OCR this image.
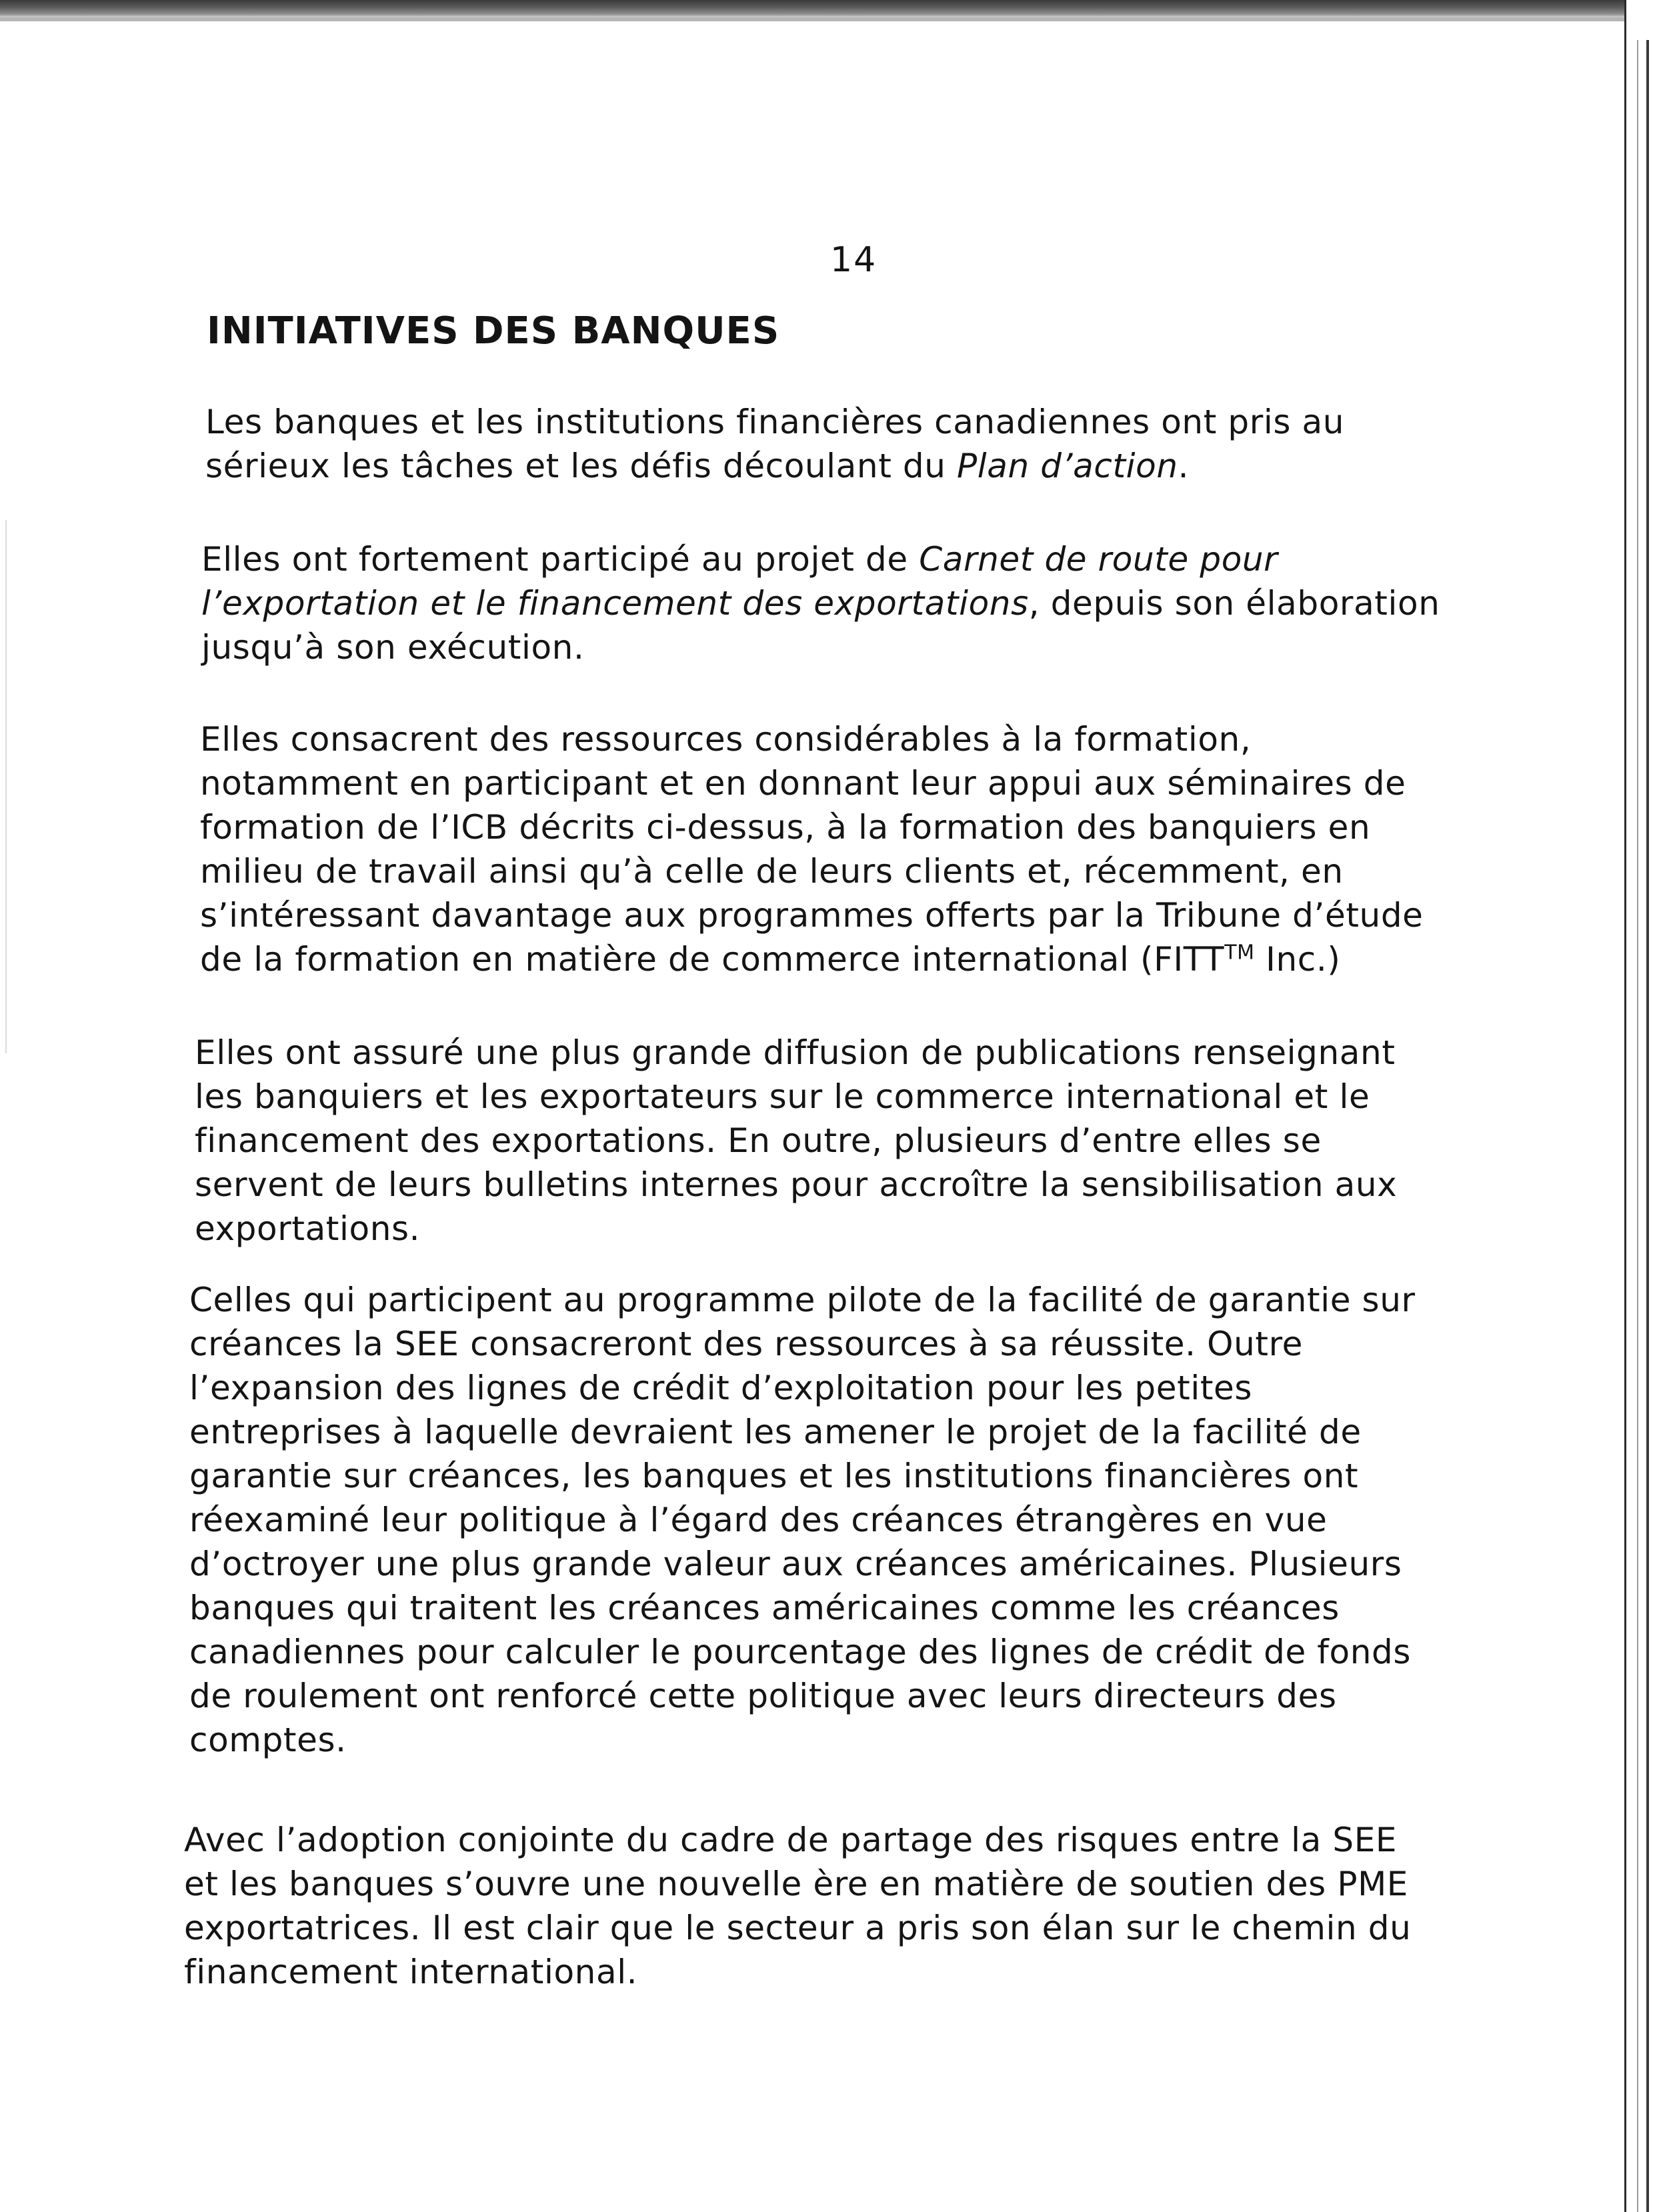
14
INITIATIVES DES BANQUES

Les banques et les institutions financières canadiennes ont pris au
sérieux les tâches et les défis découlant du Plan d’action.

Elles ont fortement participé au projet de Carnet de route pour
l’exportation et le financement des exportations, depuis son élaboration
jusqu’à son exécution.

Elles consacrent des ressources considérables à la formation,
notamment en participant et en donnant leur appui aux séminaires de
formation de l’ICB décrits ci-dessus, à la formation des banquiers en
milieu de travail ainsi qu’à celle de leurs clients et, récemment, en
s’intéressant davantage aux programmes offerts par la Tribune d’étude
de la formation en matière de commerce international (FITT™ Inc.)

Elles ont assuré une plus grande diffusion de publications renseignant
les banquiers et les exportateurs sur le commerce international et le
financement des exportations. En outre, plusieurs d’entre elles se
servent de leurs bulletins internes pour accroître la sensibilisation aux
exportations.

Celles qui participent au programme pilote de la facilité de garantie sur
créances la SEE consacreront des ressources à sa réussite. Outre
l’expansion des lignes de crédit d’exploitation pour les petites
entreprises à laquelle devraient les amener le projet de la facilité de
garantie sur créances, les banques et les institutions financières ont
réexaminé leur politique à l’égard des créances étrangères en vue
d’octroyer une plus grande valeur aux créances américaines. Plusieurs
banques qui traitent les créances américaines comme les créances
canadiennes pour calculer le pourcentage des lignes de crédit de fonds
de roulement ont renforcé cette politique avec leurs directeurs des
comptes.

Avec l’adoption conjointe du cadre de partage des risques entre la SEE
et les banques s’ouvre une nouvelle ère en matière de soutien des PME
exportatrices. Il est clair que le secteur a pris son élan sur le chemin du
financement international.
